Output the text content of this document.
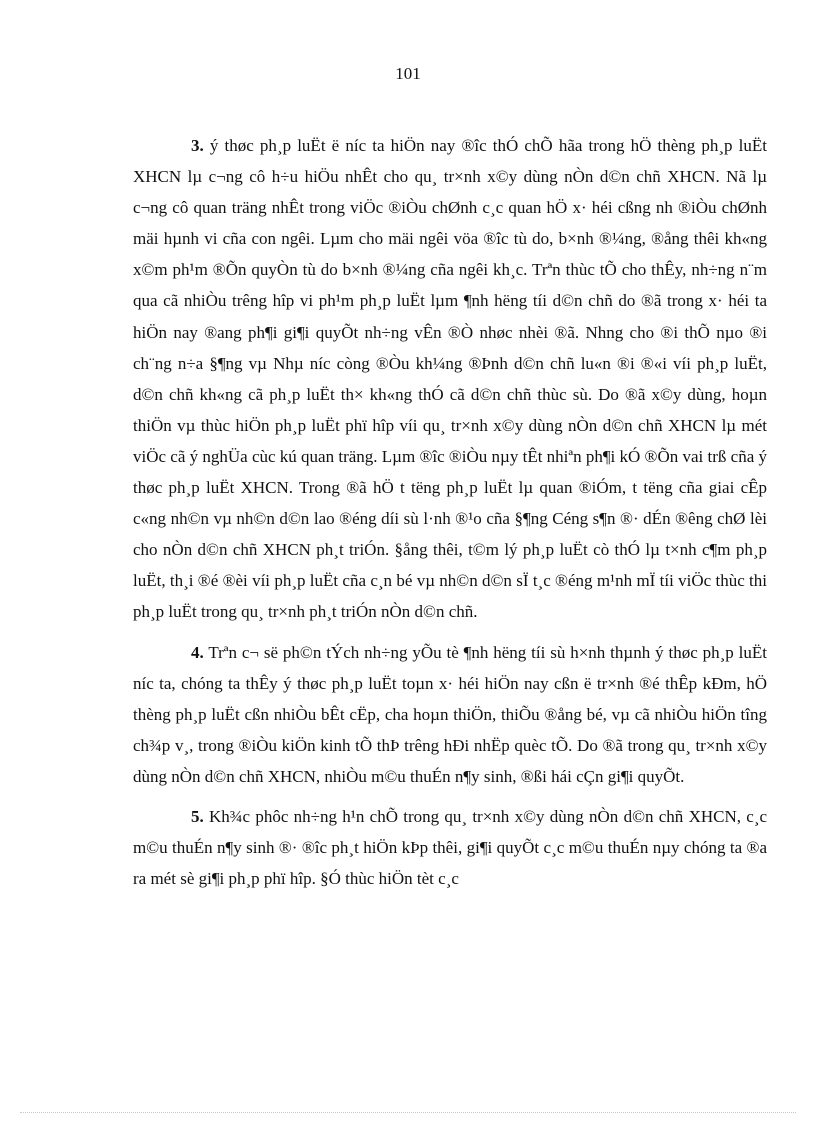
101

3. ý thøc ph¸p luËt ë níc ta hiÖn nay ®îc thÓ chÕ hãa trong hÖ thèng ph¸p luËt XHCN lµ c¬ng cô h÷u hiÖu nhÊt cho qu¸ tr×nh x©y dùng nÒn d©n chñ XHCN. Nã lµ c¬ng cô quan träng nhÊt trong viÖc ®iÒu chØnh c¸c quan hÖ x· héi cßng nh ®iÒu chØnh mäi hµnh vi cña con ngêi. Lµm cho mäi ngêi vöa ®îc tù do, b×nh ®¼ng, ®ång thêi kh«ng x©m ph¹m ®Õn quyÒn tù do b×nh ®¼ng cña ngêi kh¸c. Trªn thùc tÕ cho thÊy, nh÷ng n¨m qua cã nhiÒu trêng hîp vi ph¹m ph¸p luËt lµm ¶nh hëng tíi d©n chñ do ®ã trong x· héi ta hiÖn nay ®ang ph¶i gi¶i quyÕt nh÷ng vÊn ®Ò nhøc nhèi ®ã. Nhng cho ®i thÕ nµo ®i ch¨ng n÷a §¶ng vµ Nhµ níc còng ®Òu kh¼ng ®Þnh d©n chñ lu«n ®i ®«i víi ph¸p luËt, d©n chñ kh«ng cã ph¸p luËt th× kh«ng thÓ cã d©n chñ thùc sù. Do ®ã x©y dùng, hoµn thiÖn vµ thùc hiÖn ph¸p luËt phï hîp víi qu¸ tr×nh x©y dùng nÒn d©n chñ XHCN lµ mét viÖc cã ý nghÜa cùc kú quan träng. Lµm ®îc ®iÒu nµy tÊt nhiªn ph¶i kÓ ®Õn vai trß cña ý thøc ph¸p luËt XHCN. Trong ®ã hÖ t tëng ph¸p luËt lµ quan ®iÓm, t tëng cña giai cÊp c«ng nh©n vµ nh©n d©n lao ®éng díi sù l·nh ®¹o cña §¶ng Céng s¶n ®· dÉn ®êng chØ lèi cho nÒn d©n chñ XHCN ph¸t triÓn. §ång thêi, t©m lý ph¸p luËt cò thÓ lµ t×nh c¶m ph¸p luËt, th¸i ®é ®èi víi ph¸p luËt cña c¸n bé vµ nh©n d©n sÏ t¸c ®éng m¹nh mÏ tíi viÖc thùc thi ph¸p luËt trong qu¸ tr×nh ph¸t triÓn nÒn d©n chñ.

4. Trªn c¬ së ph©n tÝch nh÷ng yÕu tè ¶nh hëng tíi sù h×nh thµnh ý thøc ph¸p luËt níc ta, chóng ta thÊy ý thøc ph¸p luËt toµn x· héi hiÖn nay cßn ë tr×nh ®é thÊp kÐm, hÖ thèng ph¸p luËt cßn nhiÒu bÊt cËp, cha hoµn thiÖn, thiÕu ®ång bé, vµ cã nhiÒu hiÖn tîng ch¾p v¸, trong ®iÒu kiÖn kinh tÕ thÞ trêng hÐi nhËp quèc tÕ. Do ®ã trong qu¸ tr×nh x©y dùng nÒn d©n chñ XHCN, nhiÒu m©u thuÉn n¶y sinh, ®ßi hái cÇn gi¶i quyÕt.

5. Kh¾c phôc nh÷ng h¹n chÕ trong qu¸ tr×nh x©y dùng nÒn d©n chñ XHCN, c¸c m©u thuÉn n¶y sinh ®· ®îc ph¸t hiÖn kÞp thêi, gi¶i quyÕt c¸c m©u thuÉn nµy chóng ta ®a ra mét sè gi¶i ph¸p phï hîp. §Ó thùc hiÖn tèt c¸c
